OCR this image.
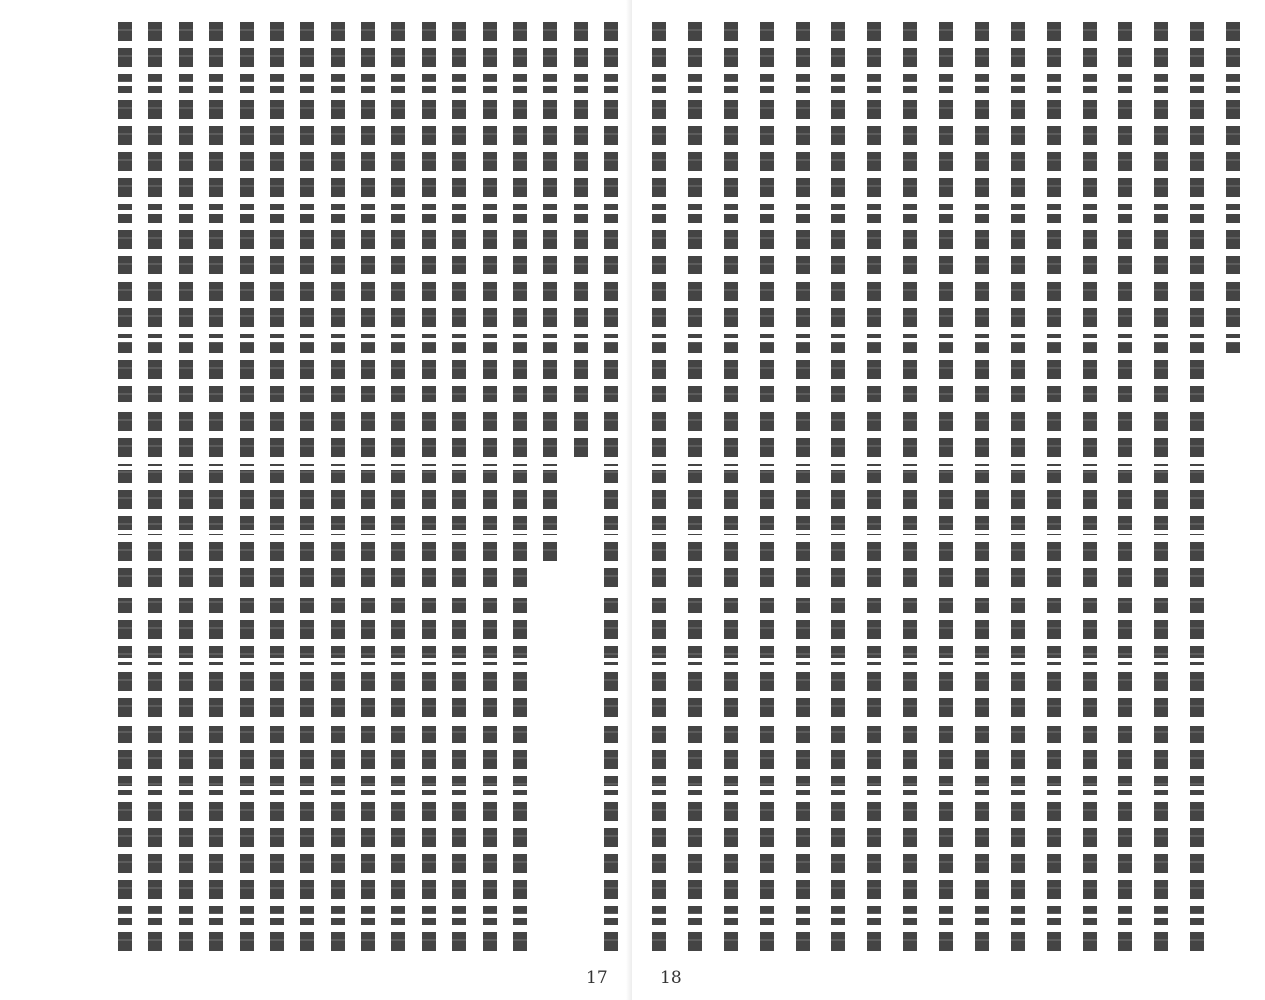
17	18
